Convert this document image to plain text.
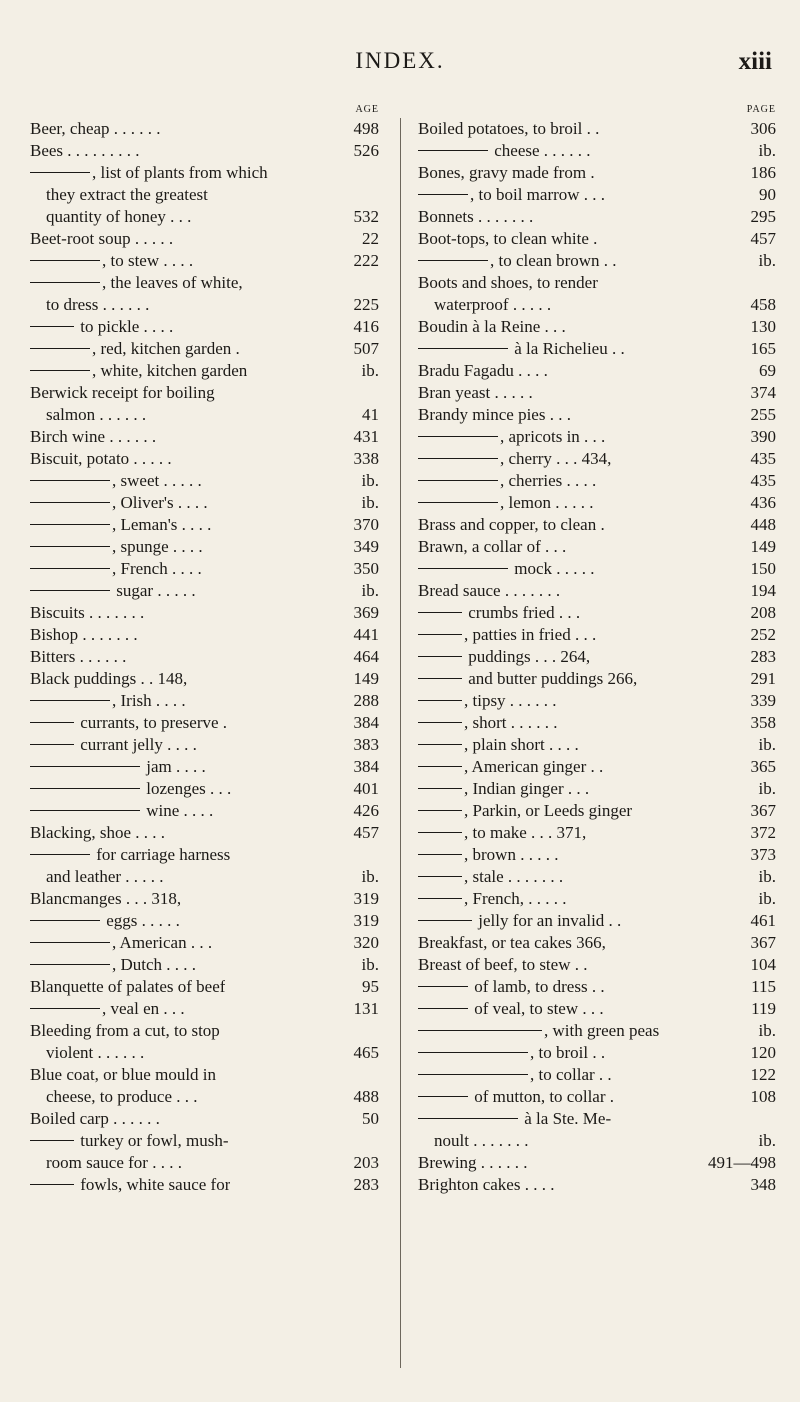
INDEX.	xiii
AGE
Beer, cheap . . . . . .	498
Bees . . . . . . . . .	526
, list of plants from which
they extract the greatest
quantity of honey . . .	532
Beet-root soup . . . . .	22
, to stew . . . .	222
, the leaves of white,
to dress . . . . . .	225
to pickle . . . .	416
, red, kitchen garden .	507
, white, kitchen garden	ib.
Berwick receipt for boiling
salmon . . . . . .	41
Birch wine . . . . . .	431
Biscuit, potato . . . . .	338
, sweet . . . . .	ib.
, Oliver's . . . .	ib.
, Leman's . . . .	370
, spunge . . . .	349
, French . . . .	350
sugar . . . . .	ib.
Biscuits . . . . . . .	369
Bishop . . . . . . .	441
Bitters . . . . . .	464
Black puddings . . 148,	149
, Irish . . . .	288
currants, to preserve .	384
currant jelly . . . .	383
jam . . . .	384
lozenges . . .	401
wine . . . .	426
Blacking, shoe . . . .	457
for carriage harness
and leather . . . . .	ib.
Blancmanges . . . 318,	319
eggs . . . . .	319
, American . . .	320
, Dutch . . . .	ib.
Blanquette of palates of beef	95
, veal en . . .	131
Bleeding from a cut, to stop
violent . . . . . .	465
Blue coat, or blue mould in
cheese, to produce . . .	488
Boiled carp . . . . . .	50
turkey or fowl, mush-
room sauce for . . . .	203
fowls, white sauce for	283
PAGE
Boiled potatoes, to broil . .	306
cheese . . . . . .	ib.
Bones, gravy made from .	186
, to boil marrow . . .	90
Bonnets . . . . . . .	295
Boot-tops, to clean white .	457
, to clean brown . .	ib.
Boots and shoes, to render
waterproof . . . . .	458
Boudin à la Reine . . .	130
à la Richelieu . .	165
Bradu Fagadu . . . .	69
Bran yeast . . . . .	374
Brandy mince pies . . .	255
, apricots in . . .	390
, cherry . . . 434,	435
, cherries . . . .	435
, lemon . . . . .	436
Brass and copper, to clean .	448
Brawn, a collar of . . .	149
mock . . . . .	150
Bread sauce . . . . . . .	194
crumbs fried . . .	208
, patties in fried . . .	252
puddings . . . 264,	283
and butter puddings 266,	291
, tipsy . . . . . .	339
, short . . . . . .	358
, plain short . . . .	ib.
, American ginger . .	365
, Indian ginger . . .	ib.
, Parkin, or Leeds ginger	367
, to make . . . 371,	372
, brown . . . . .	373
, stale . . . . . . .	ib.
, French, . . . . .	ib.
jelly for an invalid . .	461
Breakfast, or tea cakes 366,	367
Breast of beef, to stew . .	104
of lamb, to dress . .	115
of veal, to stew . . .	119
, with green peas	ib.
, to broil . .	120
, to collar . .	122
of mutton, to collar .	108
à la Ste. Me-
noult . . . . . . .	ib.
Brewing . . . . . .	491—498
Brighton cakes . . . .	348
